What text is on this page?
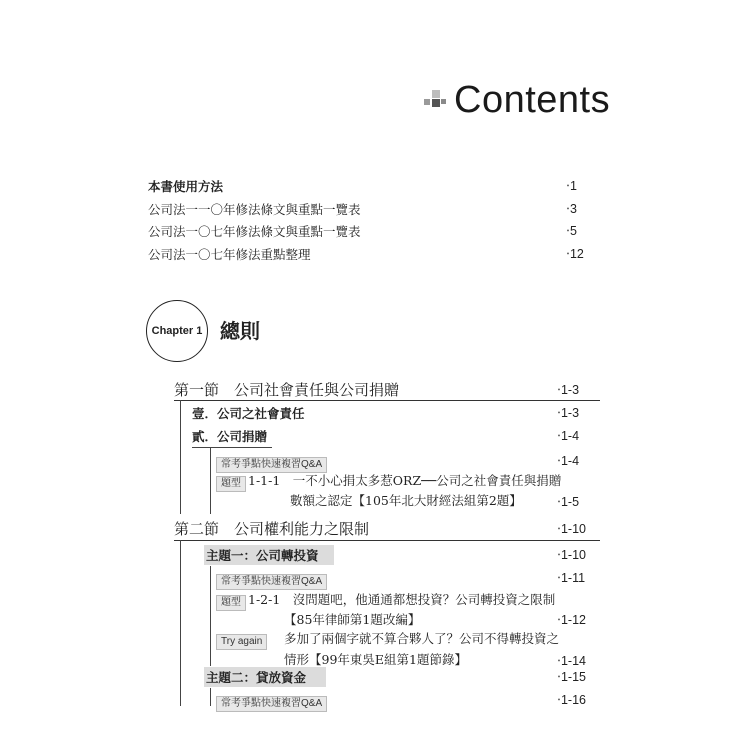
Contents
本書使用方法	‧1
公司法一一〇年修法條文與重點一覽表	‧3
公司法一〇七年修法條文與重點一覽表	‧5
公司法一〇七年修法重點整理	‧12
Chapter 1 總則
第一節　公司社會責任與公司捐贈	‧1-3
壹．公司之社會責任	‧1-3
貳．公司捐贈	‧1-4
常考爭點快速複習Q&A	‧1-4
題型 1-1-1　一不小心捐太多惹ORZ──公司之社會責任與捐贈
數額之認定【105年北大財經法組第2題】	‧1-5
第二節　公司權利能力之限制	‧1-10
主題一：公司轉投資	‧1-10
常考爭點快速複習Q&A	‧1-11
題型 1-2-1　沒問題吧，他通通都想投資？公司轉投資之限制
【85年律師第1題改編】	‧1-12
Try again	多加了兩個字就不算合夥人了？公司不得轉投資之
情形【99年東吳E組第1題節錄】	‧1-14
主題二：貸放資金	‧1-15
常考爭點快速複習Q&A	‧1-16
